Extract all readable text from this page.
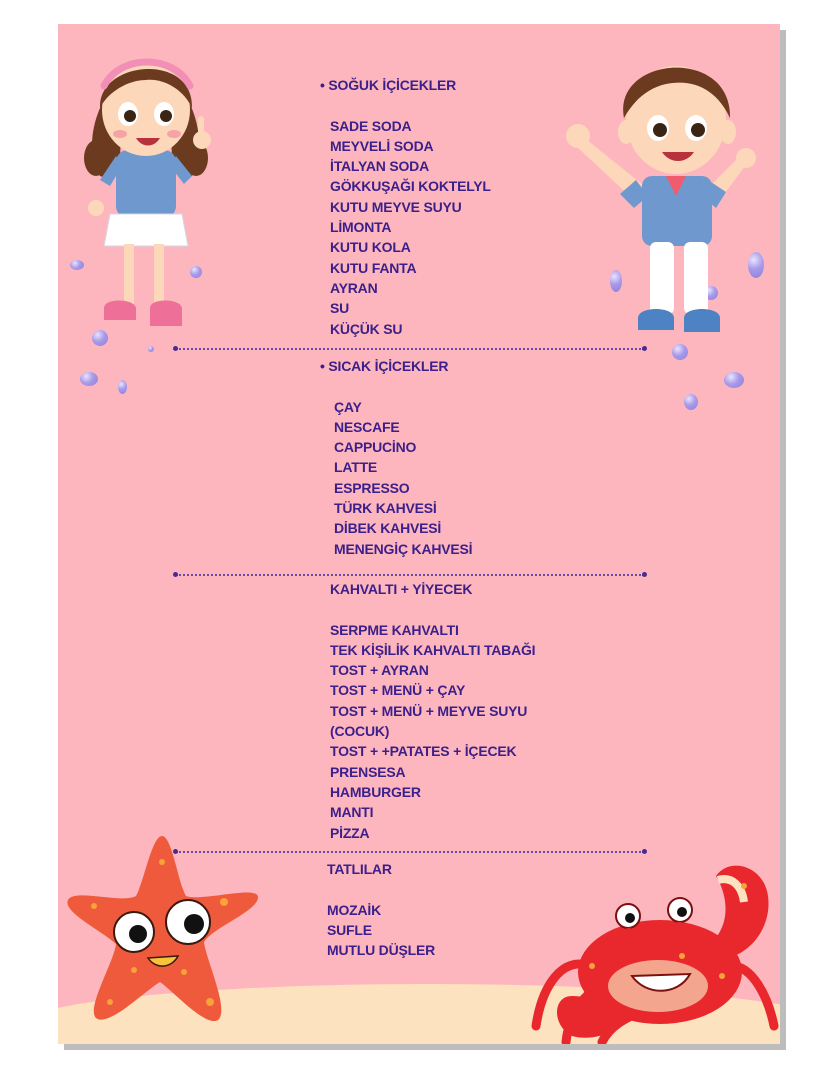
• SOĞUK İÇİCEKLER
SADE SODA
MEYVELİ SODA
İTALYAN SODA
GÖKKUŞAĞI KOKTELYL
KUTU MEYVE SUYU
LİMONTA
KUTU KOLA
KUTU FANTA
AYRAN
SU
KÜÇÜK SU
• SICAK İÇİCEKLER
ÇAY
NESCAFE
CAPPUCİNO
LATTE
ESPRESSO
TÜRK KAHVESİ
DİBEK KAHVESİ
MENENGİÇ KAHVESİ
KAHVALTI + YİYECEK
SERPME KAHVALTI
TEK KİŞİLİK KAHVALTI TABAĞI
TOST + AYRAN
TOST + MENÜ + ÇAY
TOST + MENÜ + MEYVE SUYU
(COCUK)
TOST + +PATATES + İÇECEK
PRENSESA
HAMBURGER
MANTI
PİZZA
TATLILAR
MOZAİK
SUFLE
MUTLU DÜŞLER
